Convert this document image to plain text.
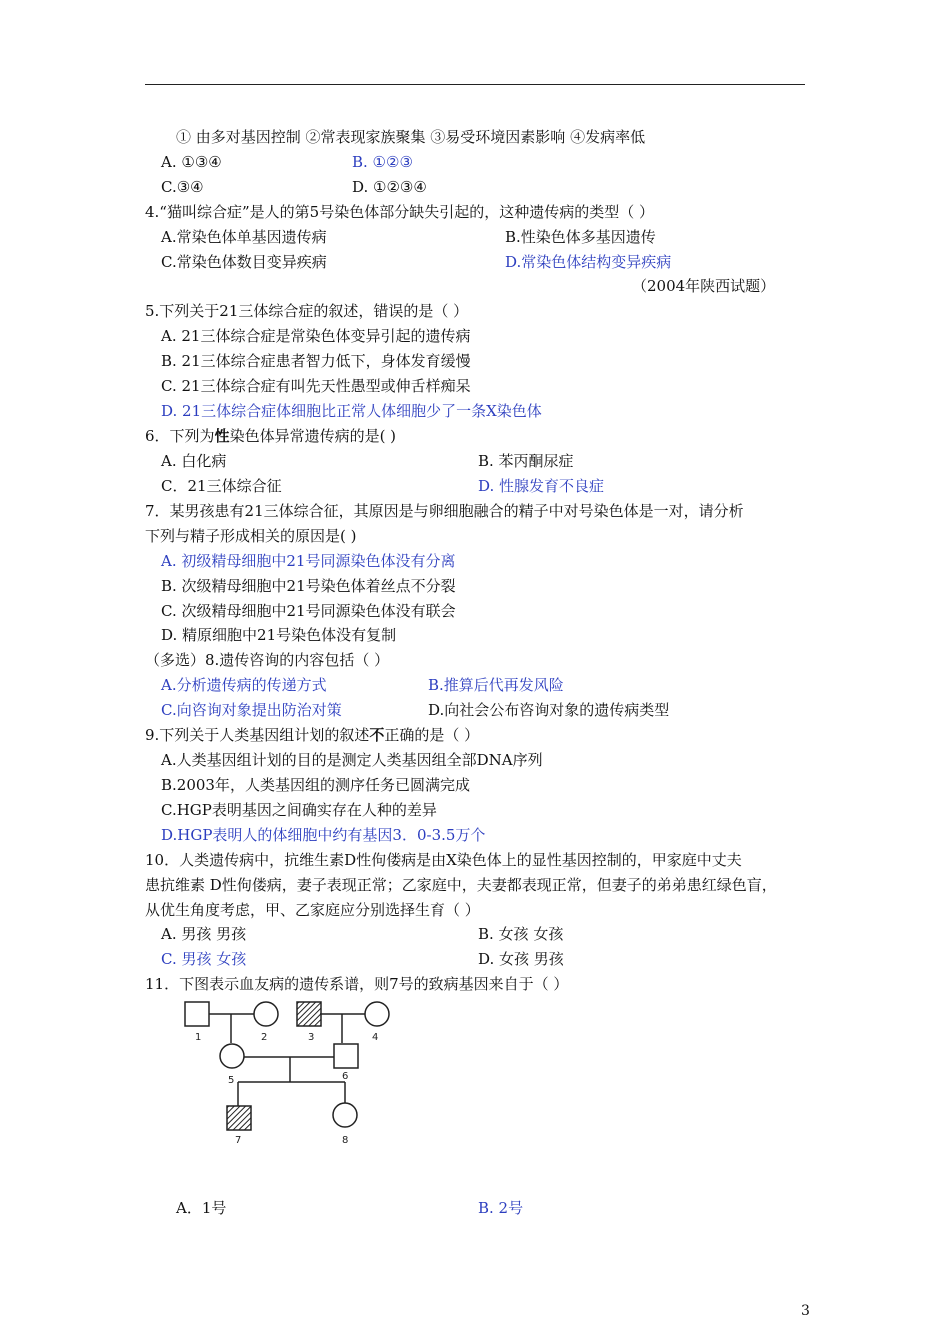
① 由多对基因控制 ②常表现家族聚集 ③易受环境因素影响 ④发病率低
A. ①③④	B. ①②③
C.③④	D. ①②③④
4.“猫叫综合症”是人的第5号染色体部分缺失引起的，这种遗传病的类型（ ）
A.常染色体单基因遗传病	B.性染色体多基因遗传
C.常染色体数目变异疾病	D.常染色体结构变异疾病
（2004年陕西试题）
5.下列关于21三体综合症的叙述，错误的是（ ）
A. 21三体综合症是常染色体变异引起的遗传病
B. 21三体综合症患者智力低下，身体发育缓慢
C. 21三体综合症有叫先天性愚型或伸舌样痴呆
D. 21三体综合症体细胞比正常人体细胞少了一条X染色体
6．下列为性染色体异常遗传病的是( )
A. 白化病	B. 苯丙酮尿症
C．21三体综合征	D. 性腺发育不良症
7．某男孩患有21三体综合征，其原因是与卵细胞融合的精子中对号染色体是一对，请分析
下列与精子形成相关的原因是( )
A. 初级精母细胞中21号同源染色体没有分离
B. 次级精母细胞中21号染色体着丝点不分裂
C. 次级精母细胞中21号同源染色体没有联会
D. 精原细胞中21号染色体没有复制
（多选）8.遗传咨询的内容包括（ ）
A.分析遗传病的传递方式	B.推算后代再发风险
C.向咨询对象提出防治对策	D.向社会公布咨询对象的遗传病类型
9.下列关于人类基因组计划的叙述不正确的是（ ）
A.人类基因组计划的目的是测定人类基因组全部DNA序列
B.2003年，人类基因组的测序任务已圆满完成
C.HGP表明基因之间确实存在人种的差异
D.HGP表明人的体细胞中约有基因3．0-3.5万个
10．人类遗传病中，抗维生素D性佝偻病是由X染色体上的显性基因控制的，甲家庭中丈夫
患抗维素 D性佝偻病，妻子表现正常；乙家庭中，夫妻都表现正常，但妻子的弟弟患红绿色盲，
从优生角度考虑，甲、乙家庭应分别选择生育（ ）
A. 男孩 男孩	B. 女孩 女孩
C. 男孩 女孩	D. 女孩 男孩
11．下图表示血友病的遗传系谱，则7号的致病基因来自于（ ）
1	2	3	4
5	6
7	8
A．1号	B. 2号
3
